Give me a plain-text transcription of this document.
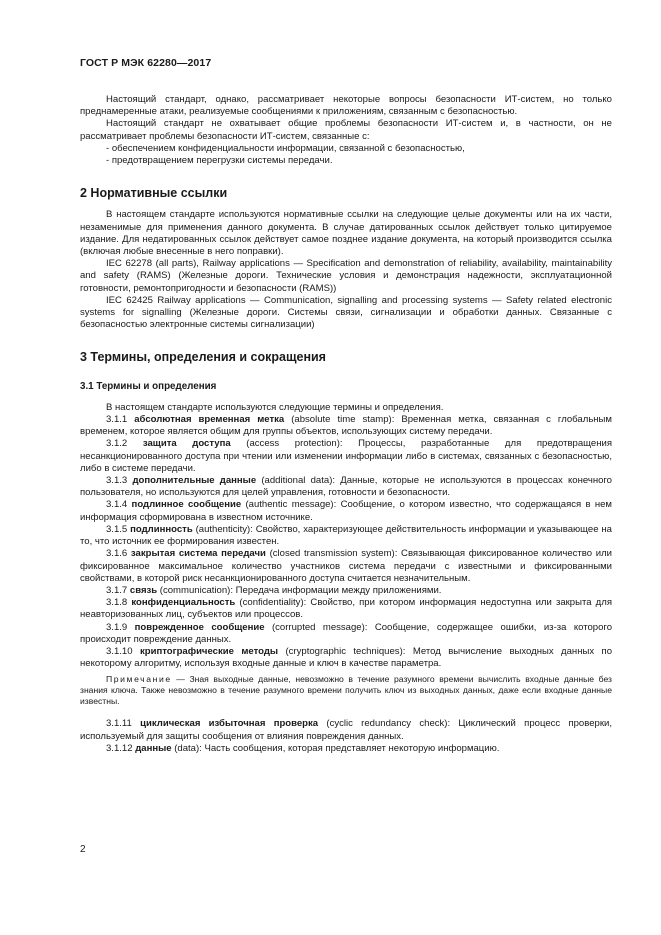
ГОСТ Р МЭК 62280—2017

Настоящий стандарт, однако, рассматривает некоторые вопросы безопасности ИТ-систем, но только преднамеренные атаки, реализуемые сообщениями к приложениям, связанным с безопасностью.

Настоящий стандарт не охватывает общие проблемы безопасности ИТ-систем и, в частности, он не рассматривает проблемы безопасности ИТ-систем, связанные с:

- обеспечением конфиденциальности информации, связанной с безопасностью,

- предотвращением перегрузки системы передачи.

2 Нормативные ссылки

В настоящем стандарте используются нормативные ссылки на следующие целые документы или на их части, незаменимые для применения данного документа. В случае датированных ссылок действует только цитируемое издание. Для недатированных ссылок действует самое позднее издание документа, на который производится ссылка (включая любые внесенные в него поправки).

IEC 62278 (all parts), Railway applications — Specification and demonstration of reliability, availability, maintainability and safety (RAMS) (Железные дороги. Технические условия и демонстрация надежности, эксплуатационной готовности, ремонтопригодности и безопасности (RAMS))

IEC 62425 Railway applications — Communication, signalling and processing systems — Safety related electronic systems for signalling (Железные дороги. Системы связи, сигнализации и обработки данных. Связанные с безопасностью электронные системы сигнализации)

3 Термины, определения и сокращения
3.1 Термины и определения

В настоящем стандарте используются следующие термины и определения.

3.1.1 абсолютная временная метка (absolute time stamp): Временная метка, связанная с глобальным временем, которое является общим для группы объектов, использующих систему передачи.

3.1.2 защита доступа (access protection): Процессы, разработанные для предотвращения несанкционированного доступа при чтении или изменении информации либо в системах, связанных с безопасностью, либо в системе передачи.

3.1.3 дополнительные данные (additional data): Данные, которые не используются в процессах конечного пользователя, но используются для целей управления, готовности и безопасности.

3.1.4 подлинное сообщение (authentic message): Сообщение, о котором известно, что содержащаяся в нем информация сформирована в известном источнике.

3.1.5 подлинность (authenticity): Свойство, характеризующее действительность информации и указывающее на то, что источник ее формирования известен.

3.1.6 закрытая система передачи (closed transmission system): Связывающая фиксированное количество или фиксированное максимальное количество участников система передачи с известными и фиксированными свойствами, в которой риск несанкционированного доступа считается незначительным.

3.1.7 связь (communication): Передача информации между приложениями.

3.1.8 конфиденциальность (confidentiality): Свойство, при котором информация недоступна или закрыта для неавторизованных лиц, субъектов или процессов.

3.1.9 поврежденное сообщение (corrupted message): Сообщение, содержащее ошибки, из-за которого происходит повреждение данных.

3.1.10 криптографические методы (cryptographic techniques): Метод вычисление выходных данных по некоторому алгоритму, используя входные данные и ключ в качестве параметра.

Примечание — Зная выходные данные, невозможно в течение разумного времени вычислить входные данные без знания ключа. Также невозможно в течение разумного времени получить ключ из выходных данных, даже если входные данные известны.

3.1.11 циклическая избыточная проверка (cyclic redundancy check): Циклический процесс проверки, используемый для защиты сообщения от влияния повреждения данных.

3.1.12 данные (data): Часть сообщения, которая представляет некоторую информацию.

2
